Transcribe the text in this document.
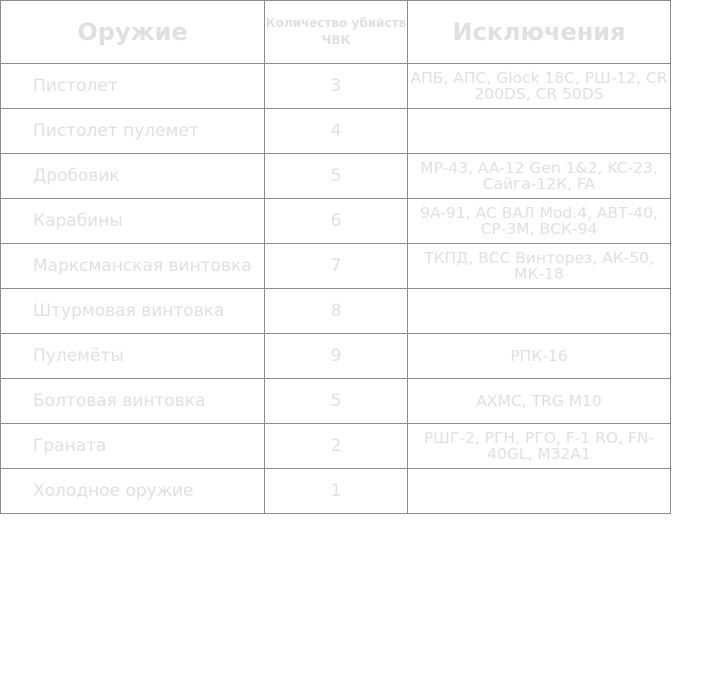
Оружие	Количество убийств ЧВК	Исключения
Пистолет	3	АПБ, АПС, Glock 18C, РШ-12, CR 200DS, CR 50DS
Пистолет пулемет	4	
Дробовик	5	MP-43, AA-12 Gen 1&2, KC-23, Сайга-12К, FA
Карабины	6	9A-91, АС ВАЛ Mod.4, АВТ-40, СР-3М, ВСК-94
Марксманская винтовка	7	ТКПД, ВСС Винторез, АК-50, МК-18
Штурмовая винтовка	8	
Пулемёты	9	РПК-16
Болтовая винтовка	5	AXMC, TRG M10
Граната	2	РШГ-2, РГН, РГО, F-1 RO, FN-40GL, M32A1
Холодное оружие	1	
